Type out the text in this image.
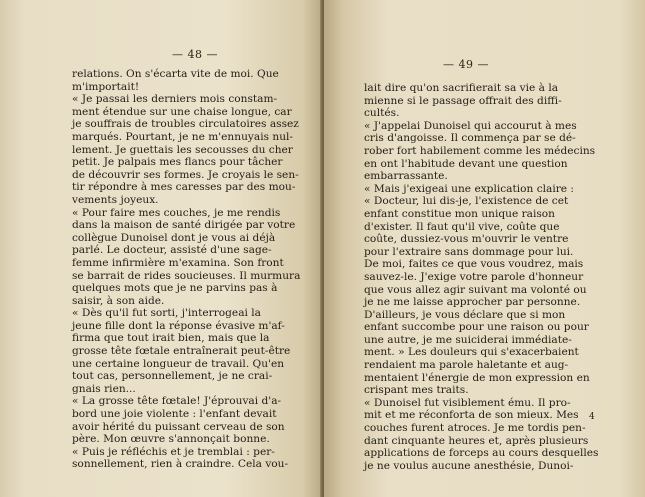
— 48 —
relations. On s'écarta vite de moi. Que
m'importait!
« Je passai les derniers mois constam-
ment étendue sur une chaise longue, car
je souffrais de troubles circulatoires assez
marqués. Pourtant, je ne m'ennuyais nul-
lement. Je guettais les secousses du cher
petit. Je palpais mes flancs pour tâcher
de découvrir ses formes. Je croyais le sen-
tir répondre à mes caresses par des mou-
vements joyeux.
« Pour faire mes couches, je me rendis
dans la maison de santé dirigée par votre
collègue Dunoisel dont je vous ai déjà
parlé. Le docteur, assisté d'une sage-
femme infirmière m'examina. Son front
se barrait de rides soucieuses. Il murmura
quelques mots que je ne parvins pas à
saisir, à son aide.
« Dès qu'il fut sorti, j'interrogeai la
jeune fille dont la réponse évasive m'af-
firma que tout irait bien, mais que la
grosse tête fœtale entraînerait peut-être
une certaine longueur de travail. Qu'en
tout cas, personnellement, je ne crai-
gnais rien...
« La grosse tête fœtale! J'éprouvai d'a-
bord une joie violente : l'enfant devait
avoir hérité du puissant cerveau de son
père. Mon œuvre s'annonçait bonne.
« Puis je réfléchis et je tremblai : per-
sonnellement, rien à craindre. Cela vou-
— 49 —
lait dire qu'on sacrifierait sa vie à la
mienne si le passage offrait des diffi-
cultés.
« J'appelai Dunoisel qui accourut à mes
cris d'angoisse. Il commença par se dé-
rober fort habilement comme les médecins
en ont l'habitude devant une question
embarrassante.
« Mais j'exigeai une explication claire :
« Docteur, lui dis-je, l'existence de cet
enfant constitue mon unique raison
d'exister. Il faut qu'il vive, coûte que
coûte, dussiez-vous m'ouvrir le ventre
pour l'extraire sans dommage pour lui.
De moi, faites ce que vous voudrez, mais
sauvez-le. J'exige votre parole d'honneur
que vous allez agir suivant ma volonté ou
je ne me laisse approcher par personne.
D'ailleurs, je vous déclare que si mon
enfant succombe pour une raison ou pour
une autre, je me suiciderai immédiate-
ment. » Les douleurs qui s'exacerbaient
rendaient ma parole haletante et aug-
mentaient l'énergie de mon expression en
crispant mes traits.
« Dunoisel fut visiblement ému. Il pro-
mit et me réconforta de son mieux. Mes
couches furent atroces. Je me tordis pen-
dant cinquante heures et, après plusieurs
applications de forceps au cours desquelles
je ne voulus aucune anesthésie, Dunoi-
4
